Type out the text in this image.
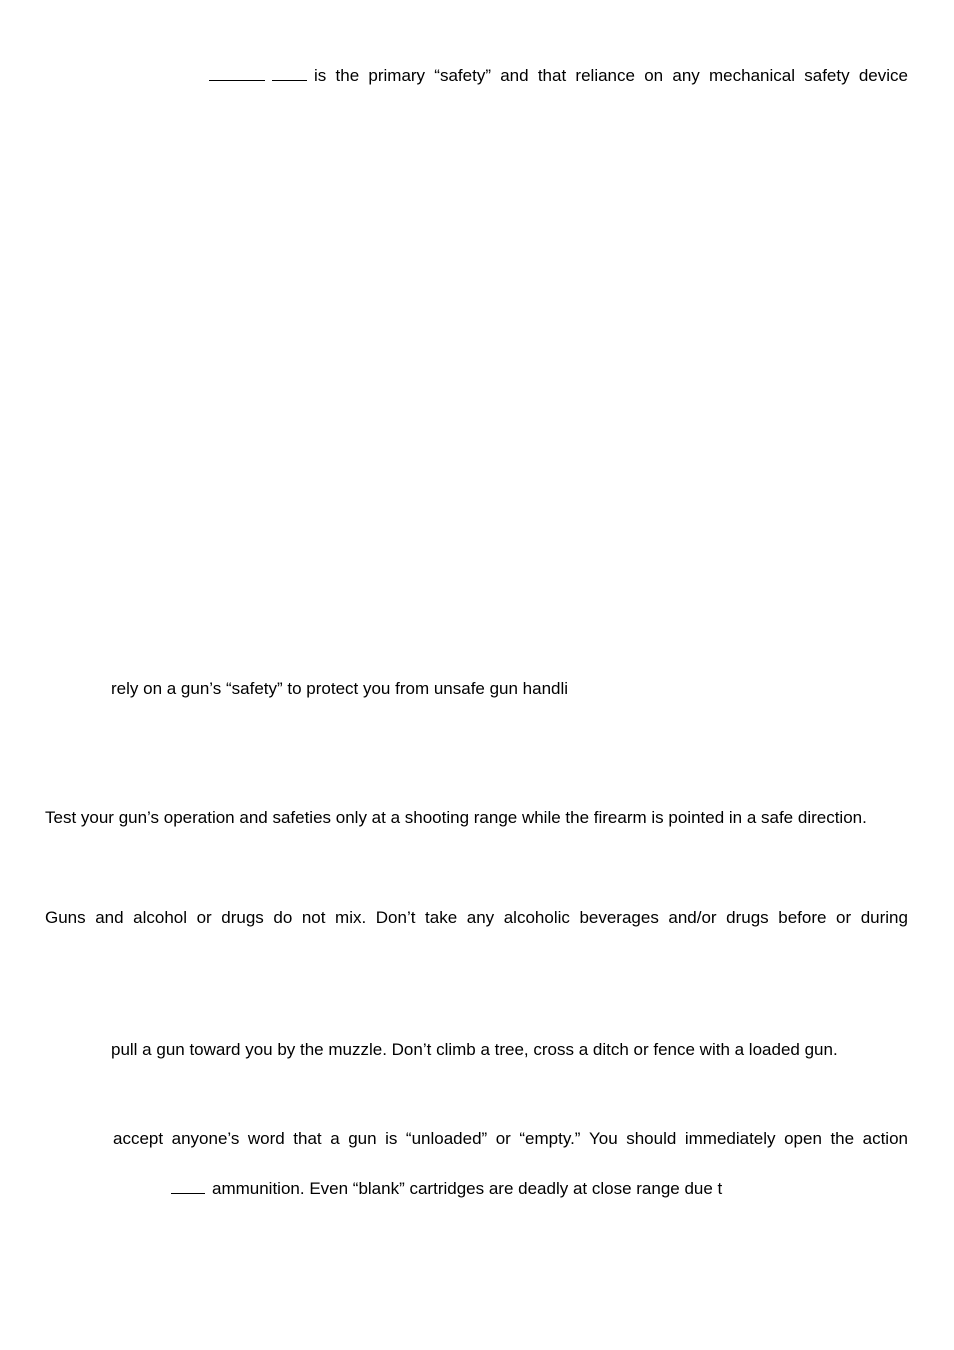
is the primary “safety” and that reliance on any mechanical safety device
rely on a gun’s “safety” to protect you from unsafe gun handli
Test your gun’s operation and safeties only at a shooting range while the firearm is pointed in a safe direction.
Guns and alcohol or drugs do not mix. Don’t take any alcoholic beverages and/or drugs before or during
pull a gun toward you by the muzzle. Don’t climb a tree, cross a ditch or fence with a loaded gun.
accept anyone’s word that a gun is “unloaded” or “empty.” You should immediately open the action
ammunition. Even “blank” cartridges are deadly at close range due t
